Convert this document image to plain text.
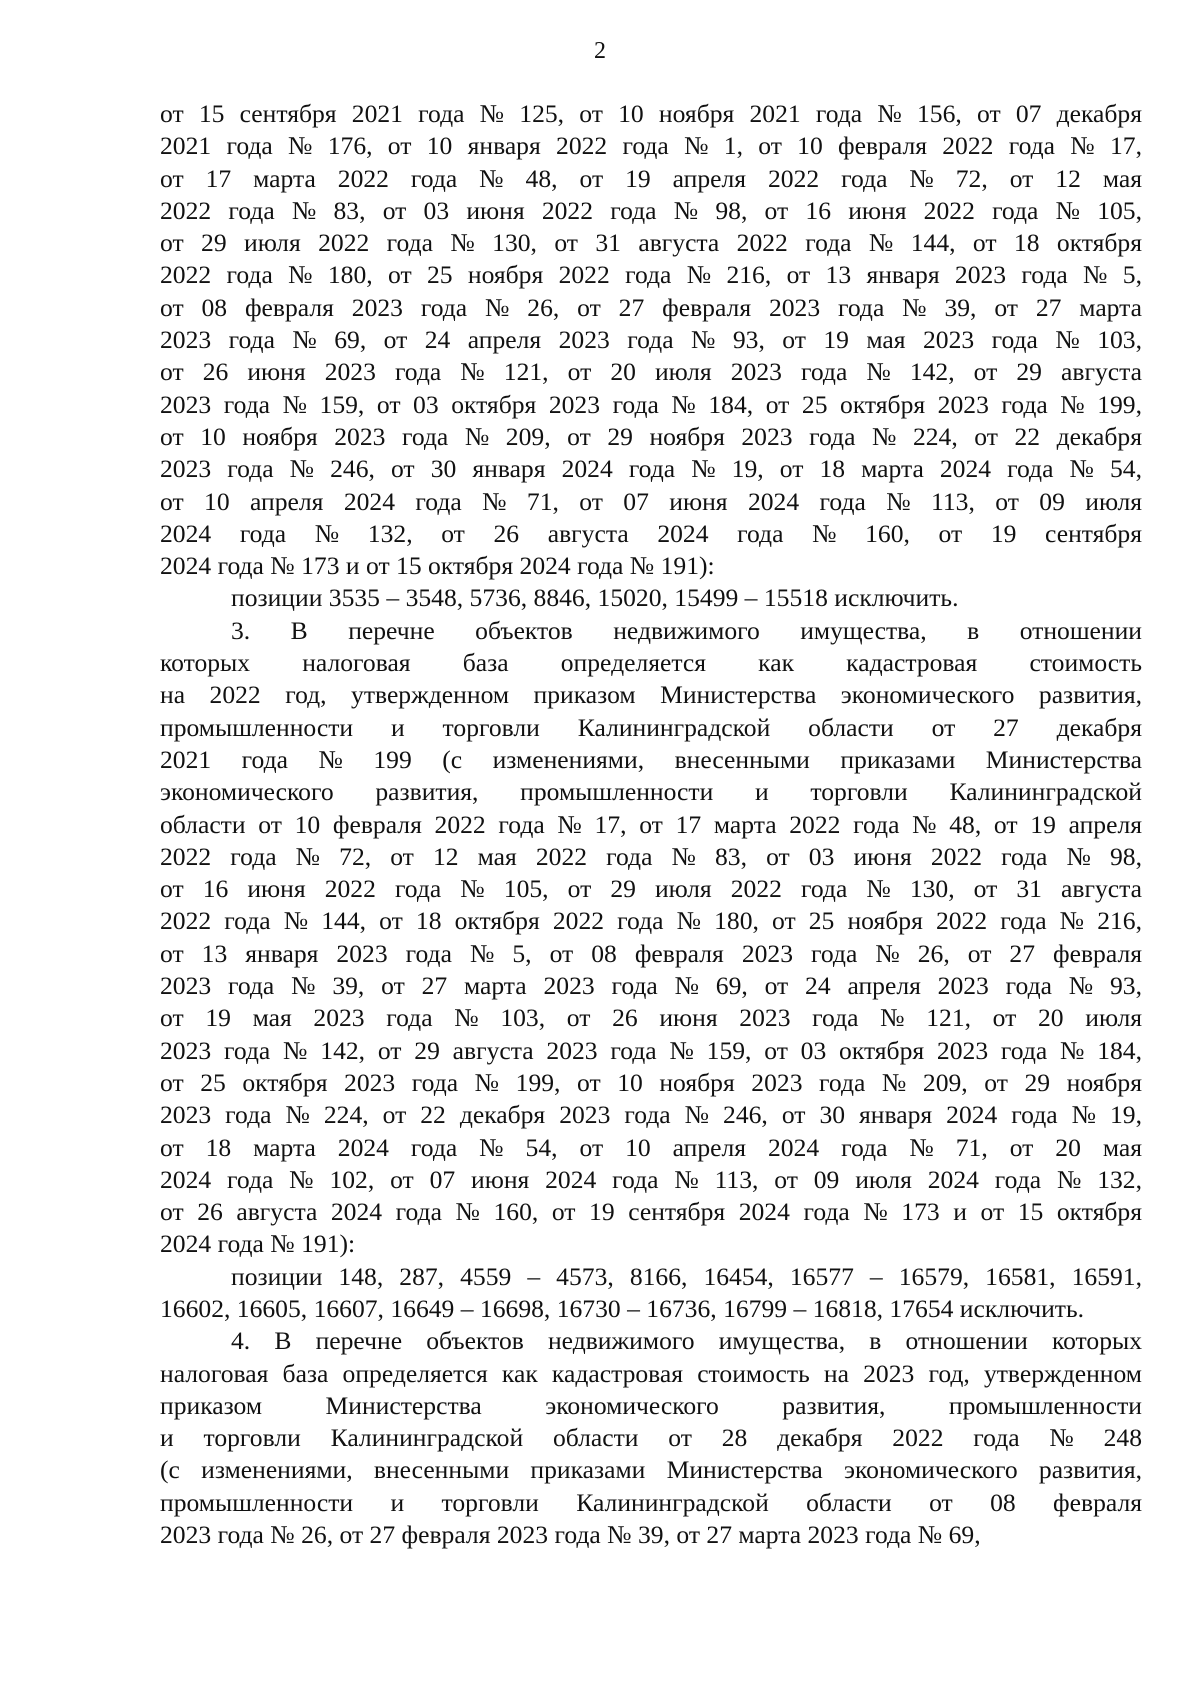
2
от 15 сентября 2021 года № 125, от 10 ноября 2021 года № 156, от 07 декабря
2021 года № 176, от 10 января 2022 года № 1, от 10 февраля 2022 года № 17,
от 17 марта 2022 года № 48, от 19 апреля 2022 года № 72, от 12 мая
2022 года № 83, от 03 июня 2022 года № 98, от 16 июня 2022 года № 105,
от 29 июля 2022 года № 130, от 31 августа 2022 года № 144, от 18 октября
2022 года № 180, от 25 ноября 2022 года № 216, от 13 января 2023 года № 5,
от 08 февраля 2023 года № 26, от 27 февраля 2023 года № 39, от 27 марта
2023 года № 69, от 24 апреля 2023 года № 93, от 19 мая 2023 года № 103,
от 26 июня 2023 года № 121, от 20 июля 2023 года № 142, от 29 августа
2023 года № 159, от 03 октября 2023 года № 184, от 25 октября 2023 года № 199,
от 10 ноября 2023 года № 209, от 29 ноября 2023 года № 224, от 22 декабря
2023 года № 246, от 30 января 2024 года № 19, от 18 марта 2024 года № 54,
от 10 апреля 2024 года № 71, от 07 июня 2024 года № 113, от 09 июля
2024 года № 132, от 26 августа 2024 года № 160, от 19 сентября
2024 года № 173 и от 15 октября 2024 года № 191):
позиции 3535 – 3548, 5736, 8846, 15020, 15499 – 15518 исключить.
3. В перечне объектов недвижимого имущества, в отношении
которых налоговая база определяется как кадастровая стоимость
на 2022 год, утвержденном приказом Министерства экономического развития,
промышленности и торговли Калининградской области от 27 декабря
2021 года № 199 (с изменениями, внесенными приказами Министерства
экономического развития, промышленности и торговли Калининградской
области от 10 февраля 2022 года № 17, от 17 марта 2022 года № 48, от 19 апреля
2022 года № 72, от 12 мая 2022 года № 83, от 03 июня 2022 года № 98,
от 16 июня 2022 года № 105, от 29 июля 2022 года № 130, от 31 августа
2022 года № 144, от 18 октября 2022 года № 180, от 25 ноября 2022 года № 216,
от 13 января 2023 года № 5, от 08 февраля 2023 года № 26, от 27 февраля
2023 года № 39, от 27 марта 2023 года № 69, от 24 апреля 2023 года № 93,
от 19 мая 2023 года № 103, от 26 июня 2023 года № 121, от 20 июля
2023 года № 142, от 29 августа 2023 года № 159, от 03 октября 2023 года № 184,
от 25 октября 2023 года № 199, от 10 ноября 2023 года № 209, от 29 ноября
2023 года № 224, от 22 декабря 2023 года № 246, от 30 января 2024 года № 19,
от 18 марта 2024 года № 54, от 10 апреля 2024 года № 71, от 20 мая
2024 года № 102, от 07 июня 2024 года № 113, от 09 июля 2024 года № 132,
от 26 августа 2024 года № 160, от 19 сентября 2024 года № 173 и от 15 октября
2024 года № 191):
позиции 148, 287, 4559 – 4573, 8166, 16454, 16577 – 16579, 16581, 16591,
16602, 16605, 16607, 16649 – 16698, 16730 – 16736, 16799 – 16818, 17654 исключить.
4. В перечне объектов недвижимого имущества, в отношении которых
налоговая база определяется как кадастровая стоимость на 2023 год, утвержденном
приказом Министерства экономического развития, промышленности
и торговли Калининградской области от 28 декабря 2022 года № 248
(с изменениями, внесенными приказами Министерства экономического развития,
промышленности и торговли Калининградской области от 08 февраля
2023 года № 26, от 27 февраля 2023 года № 39, от 27 марта 2023 года № 69,
